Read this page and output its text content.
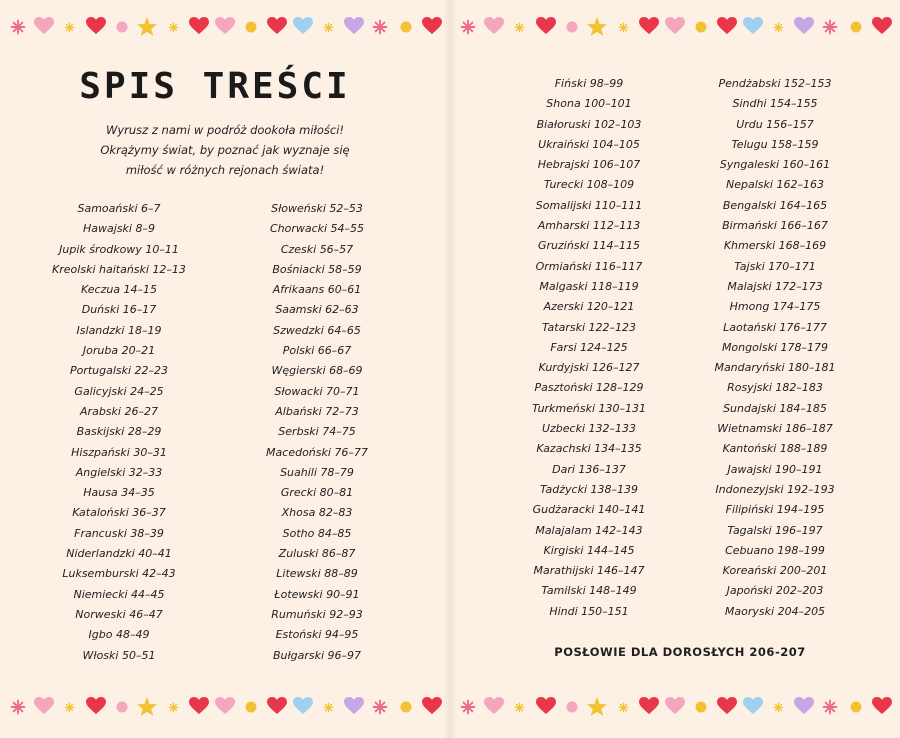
SPIS TREŚCI
Wyrusz z nami w podróż dookoła miłości!
Okrążymy świat, by poznać jak wyznaje się
miłość w różnych rejonach świata!
Samoański 6–7
Hawajski 8–9
Jupik środkowy 10–11
Kreolski haitański 12–13
Keczua 14–15
Duński 16–17
Islandzki 18–19
Joruba 20–21
Portugalski 22–23
Galicyjski 24–25
Arabski 26–27
Baskijski 28–29
Hiszpański 30–31
Angielski 32–33
Hausa 34–35
Kataloński 36–37
Francuski 38–39
Niderlandzki 40–41
Luksemburski 42–43
Niemiecki 44–45
Norweski 46–47
Igbo 48–49
Włoski 50–51
Słoweński 52–53
Chorwacki 54–55
Czeski 56–57
Bośniacki 58–59
Afrikaans 60–61
Saamski 62–63
Szwedzki 64–65
Polski 66–67
Węgierski 68–69
Słowacki 70–71
Albański 72–73
Serbski 74–75
Macedoński 76–77
Suahili 78–79
Grecki 80–81
Xhosa 82–83
Sotho 84–85
Zuluski 86–87
Litewski 88–89
Łotewski 90–91
Rumuński 92–93
Estoński 94–95
Bułgarski 96–97
Fiński 98–99
Shona 100–101
Białoruski 102–103
Ukraiński 104–105
Hebrajski 106–107
Turecki 108–109
Somalijski 110–111
Amharski 112–113
Gruziński 114–115
Ormiański 116–117
Malgaski 118–119
Azerski 120–121
Tatarski 122–123
Farsi 124–125
Kurdyjski 126–127
Pasztoński 128–129
Turkmeński 130–131
Uzbecki 132–133
Kazachski 134–135
Dari 136–137
Tadżycki 138–139
Gudżaracki 140–141
Malajalam 142–143
Kirgiski 144–145
Marathijski 146–147
Tamilski 148–149
Hindi 150–151
Pendżabski 152–153
Sindhi 154–155
Urdu 156–157
Telugu 158–159
Syngaleski 160–161
Nepalski 162–163
Bengalski 164–165
Birmański 166–167
Khmerski 168–169
Tajski 170–171
Malajski 172–173
Hmong 174–175
Laotański 176–177
Mongolski 178–179
Mandaryński 180–181
Rosyjski 182–183
Sundajski 184–185
Wietnamski 186–187
Kantoński 188–189
Jawajski 190–191
Indonezyjski 192–193
Filipiński 194–195
Tagalski 196–197
Cebuano 198–199
Koreański 200–201
Japoński 202–203
Maoryski 204–205
POSŁOWIE DLA DOROSŁYCH 206-207
